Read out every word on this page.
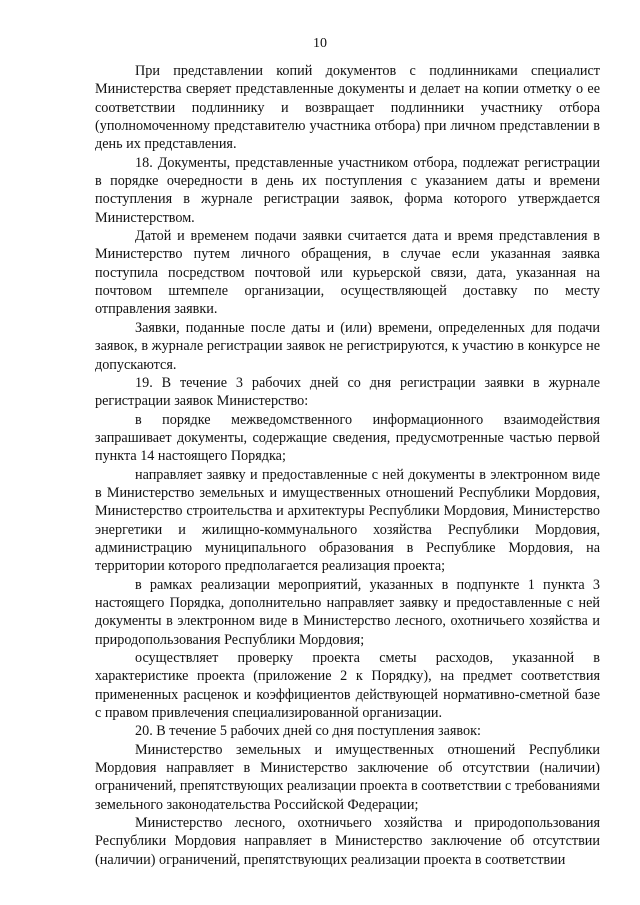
10

При представлении копий документов с подлинниками специалист Министерства сверяет представленные документы и делает на копии отметку о ее соответствии подлиннику и возвращает подлинники участнику отбора (уполномоченному представителю участника отбора) при личном представлении в день их представления.

18. Документы, представленные участником отбора, подлежат регистрации в порядке очередности в день их поступления с указанием даты и времени поступления в журнале регистрации заявок, форма которого утверждается Министерством.

Датой и временем подачи заявки считается дата и время представления в Министерство путем личного обращения, в случае если указанная заявка поступила посредством почтовой или курьерской связи, дата, указанная на почтовом штемпеле организации, осуществляющей доставку по месту отправления заявки.

Заявки, поданные после даты и (или) времени, определенных для подачи заявок, в журнале регистрации заявок не регистрируются, к участию в конкурсе не допускаются.

19. В течение 3 рабочих дней со дня регистрации заявки в журнале регистрации заявок Министерство:

в порядке межведомственного информационного взаимодействия запрашивает документы, содержащие сведения, предусмотренные частью первой пункта 14 настоящего Порядка;

направляет заявку и предоставленные с ней документы в электронном виде в Министерство земельных и имущественных отношений Республики Мордовия, Министерство строительства и архитектуры Республики Мордовия, Министерство энергетики и жилищно-коммунального хозяйства Республики Мордовия, администрацию муниципального образования в Республике Мордовия, на территории которого предполагается реализация проекта;

в рамках реализации мероприятий, указанных в подпункте 1 пункта 3 настоящего Порядка, дополнительно направляет заявку и предоставленные с ней документы в электронном виде в Министерство лесного, охотничьего хозяйства и природопользования Республики Мордовия;

осуществляет проверку проекта сметы расходов, указанной в характеристике проекта (приложение 2 к Порядку), на предмет соответствия примененных расценок и коэффициентов действующей нормативно-сметной базе с правом привлечения специализированной организации.

20. В течение 5 рабочих дней со дня поступления заявок:

Министерство земельных и имущественных отношений Республики Мордовия направляет в Министерство заключение об отсутствии (наличии) ограничений, препятствующих реализации проекта в соответствии с требованиями земельного законодательства Российской Федерации;

Министерство лесного, охотничьего хозяйства и природопользования Республики Мордовия направляет в Министерство заключение об отсутствии (наличии) ограничений, препятствующих реализации проекта в соответствии
